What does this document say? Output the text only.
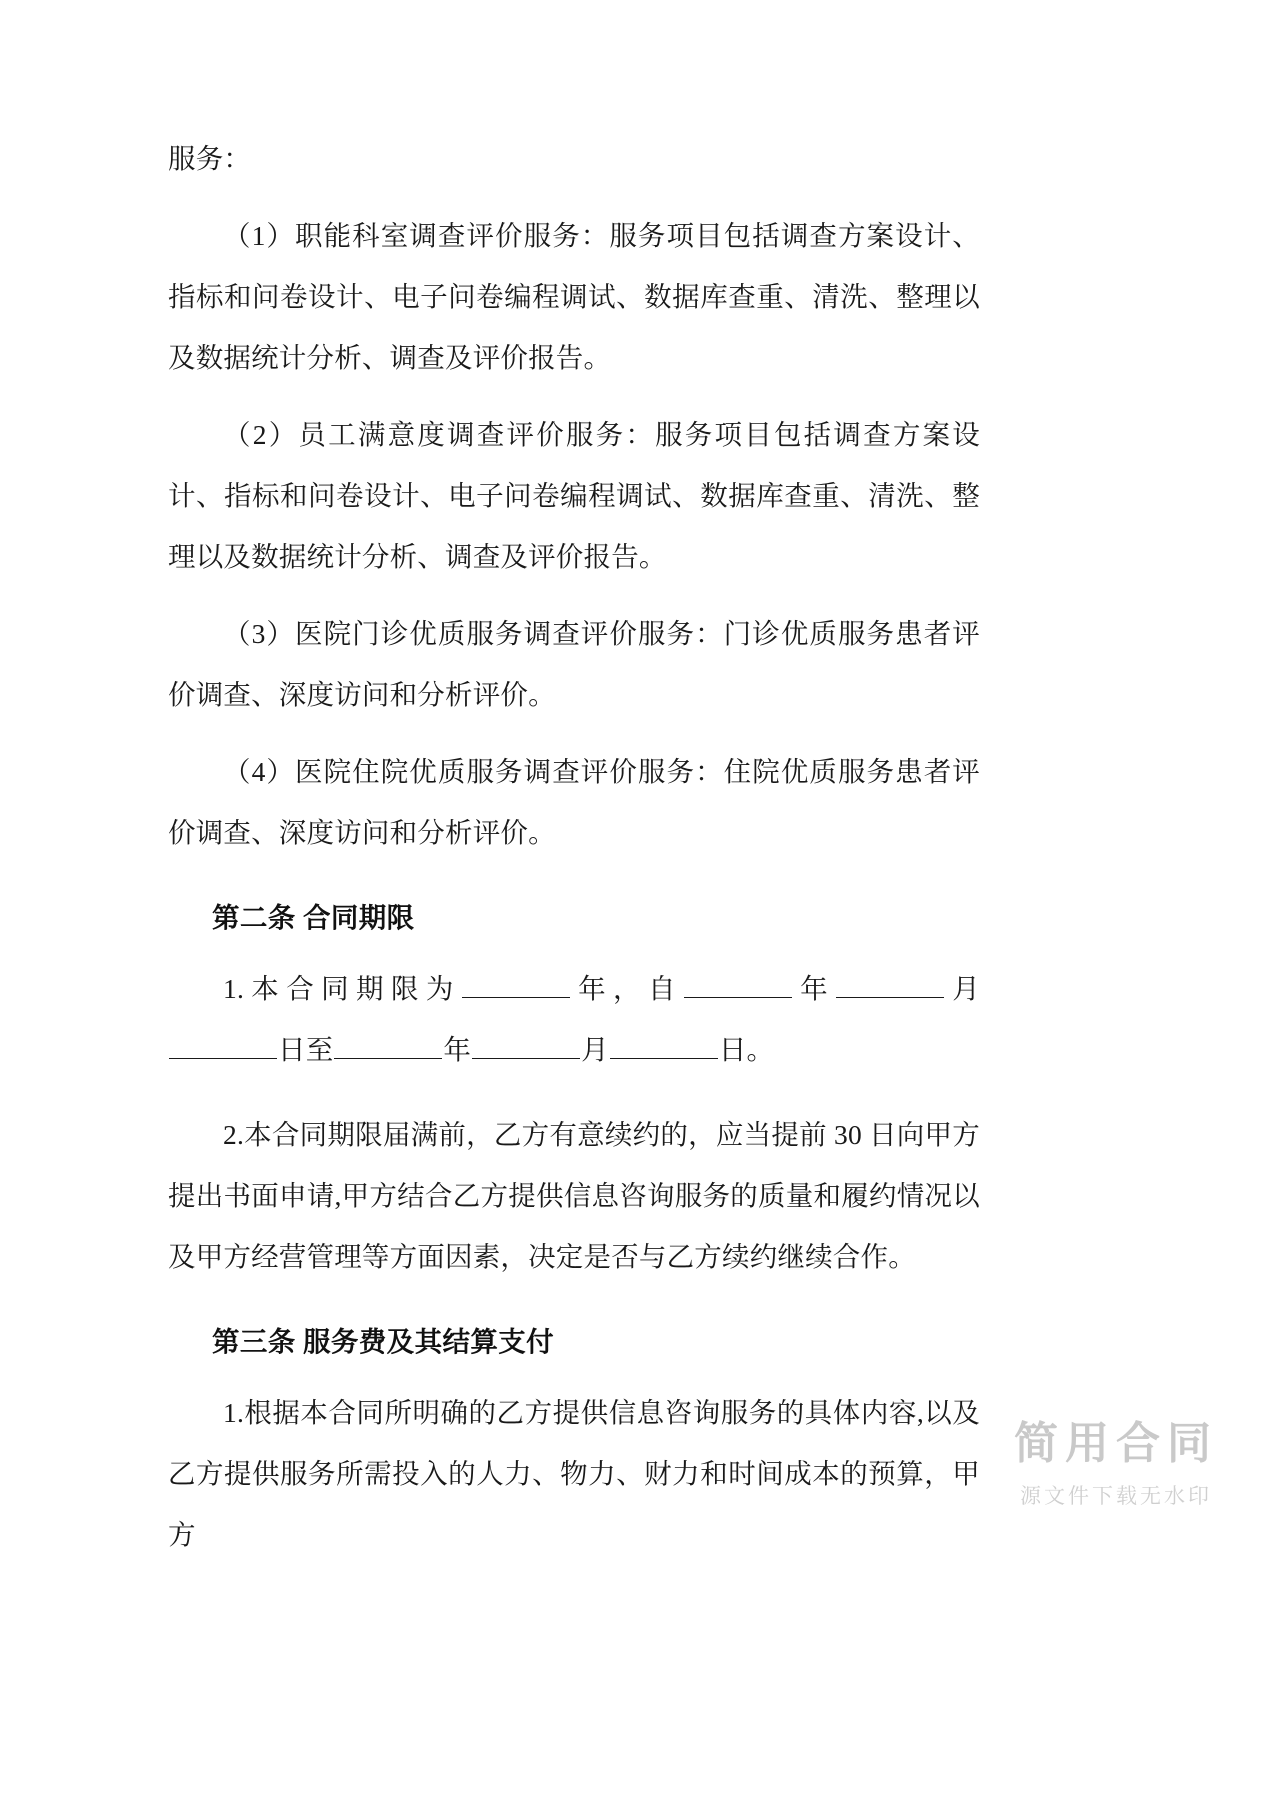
服务：

（1）职能科室调查评价服务：服务项目包括调查方案设计、指标和问卷设计、电子问卷编程调试、数据库查重、清洗、整理以及数据统计分析、调查及评价报告。

（2）员工满意度调查评价服务：服务项目包括调查方案设计、指标和问卷设计、电子问卷编程调试、数据库查重、清洗、整理以及数据统计分析、调查及评价报告。

（3）医院门诊优质服务调查评价服务：门诊优质服务患者评价调查、深度访问和分析评价。

（4）医院住院优质服务调查评价服务：住院优质服务患者评价调查、深度访问和分析评价。

第二条 合同期限

1.本合同期限为	年，自	年	月日至	年	月	日。

2.本合同期限届满前，乙方有意续约的，应当提前 30 日向甲方提出书面申请,甲方结合乙方提供信息咨询服务的质量和履约情况以及甲方经营管理等方面因素，决定是否与乙方续约继续合作。

第三条 服务费及其结算支付

1.根据本合同所明确的乙方提供信息咨询服务的具体内容,以及乙方提供服务所需投入的人力、物力、财力和时间成本的预算，甲方

简用合同
源文件下载无水印
